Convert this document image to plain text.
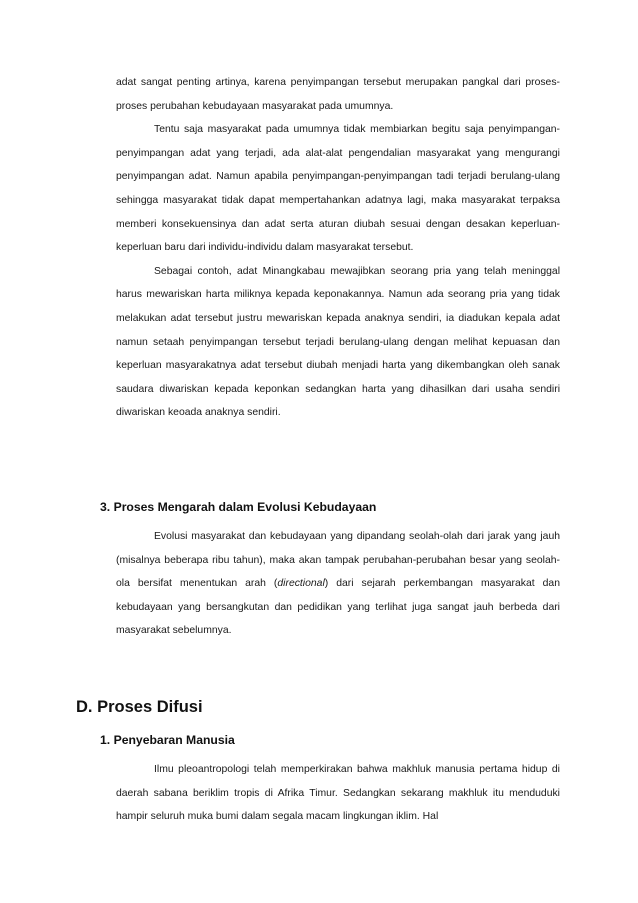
adat sangat penting artinya, karena penyimpangan tersebut merupakan pangkal dari proses-proses perubahan kebudayaan masyarakat pada umumnya.

Tentu saja masyarakat pada umumnya tidak membiarkan begitu saja penyimpangan-penyimpangan adat yang terjadi, ada alat-alat pengendalian masyarakat yang mengurangi penyimpangan adat. Namun apabila penyimpangan-penyimpangan tadi terjadi berulang-ulang sehingga masyarakat tidak dapat mempertahankan adatnya lagi, maka masyarakat terpaksa memberi konsekuensinya dan adat serta aturan diubah sesuai dengan desakan keperluan-keperluan baru dari individu-individu dalam masyarakat tersebut.

Sebagai contoh, adat Minangkabau mewajibkan seorang pria yang telah meninggal harus mewariskan harta miliknya kepada keponakannya. Namun ada seorang pria yang tidak melakukan adat tersebut justru mewariskan kepada anaknya sendiri, ia diadukan kepala adat namun setaah penyimpangan tersebut terjadi berulang-ulang dengan melihat kepuasan dan keperluan masyarakatnya adat tersebut diubah menjadi harta yang dikembangkan oleh sanak saudara diwariskan kepada keponkan sedangkan harta yang dihasilkan dari usaha sendiri diwariskan keoada anaknya sendiri.

3. Proses Mengarah dalam Evolusi Kebudayaan

Evolusi masyarakat dan kebudayaan yang dipandang seolah-olah dari jarak yang jauh (misalnya beberapa ribu tahun), maka akan tampak perubahan-perubahan besar yang seolah-ola bersifat menentukan arah (directional) dari sejarah perkembangan masyarakat dan kebudayaan yang bersangkutan dan pedidikan yang terlihat juga sangat jauh berbeda dari masyarakat sebelumnya.

D. Proses Difusi
1. Penyebaran Manusia

Ilmu pleoantropologi telah memperkirakan bahwa makhluk manusia pertama hidup di daerah sabana beriklim tropis di Afrika Timur. Sedangkan sekarang makhluk itu menduduki hampir seluruh muka bumi dalam segala macam lingkungan iklim. Hal
